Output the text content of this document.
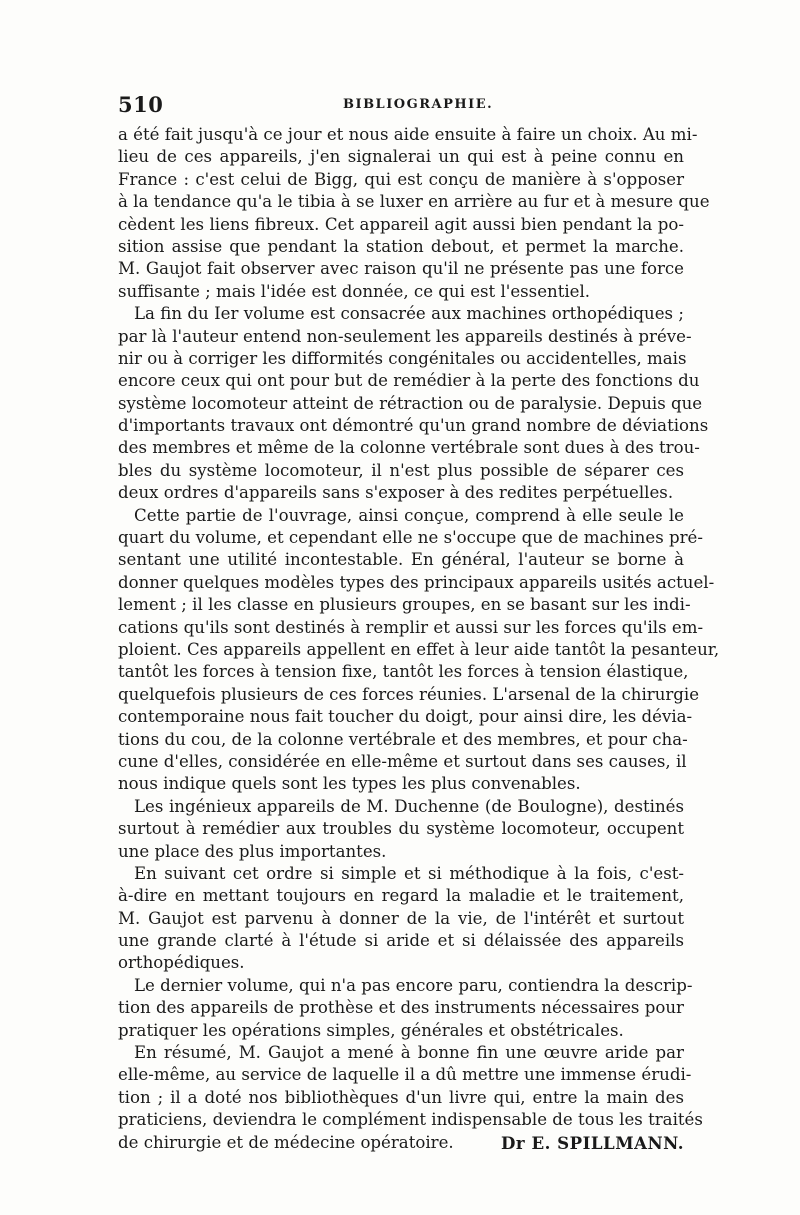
510	BIBLIOGRAPHIE.
a été fait jusqu'à ce jour et nous aide ensuite à faire un choix. Au mi-
lieu de ces appareils, j'en signalerai un qui est à peine connu en
France : c'est celui de Bigg, qui est conçu de manière à s'opposer
à la tendance qu'a le tibia à se luxer en arrière au fur et à mesure que
cèdent les liens fibreux. Cet appareil agit aussi bien pendant la po-
sition assise que pendant la station debout, et permet la marche.
M. Gaujot fait observer avec raison qu'il ne présente pas une force
suffisante ; mais l'idée est donnée, ce qui est l'essentiel.
La fin du Ier volume est consacrée aux machines orthopédiques ;
par là l'auteur entend non-seulement les appareils destinés à préve-
nir ou à corriger les difformités congénitales ou accidentelles, mais
encore ceux qui ont pour but de remédier à la perte des fonctions du
système locomoteur atteint de rétraction ou de paralysie. Depuis que
d'importants travaux ont démontré qu'un grand nombre de déviations
des membres et même de la colonne vertébrale sont dues à des trou-
bles du système locomoteur, il n'est plus possible de séparer ces
deux ordres d'appareils sans s'exposer à des redites perpétuelles.
Cette partie de l'ouvrage, ainsi conçue, comprend à elle seule le
quart du volume, et cependant elle ne s'occupe que de machines pré-
sentant une utilité incontestable. En général, l'auteur se borne à
donner quelques modèles types des principaux appareils usités actuel-
lement ; il les classe en plusieurs groupes, en se basant sur les indi-
cations qu'ils sont destinés à remplir et aussi sur les forces qu'ils em-
ploient. Ces appareils appellent en effet à leur aide tantôt la pesanteur,
tantôt les forces à tension fixe, tantôt les forces à tension élastique,
quelquefois plusieurs de ces forces réunies. L'arsenal de la chirurgie
contemporaine nous fait toucher du doigt, pour ainsi dire, les dévia-
tions du cou, de la colonne vertébrale et des membres, et pour cha-
cune d'elles, considérée en elle-même et surtout dans ses causes, il
nous indique quels sont les types les plus convenables.
Les ingénieux appareils de M. Duchenne (de Boulogne), destinés
surtout à remédier aux troubles du système locomoteur, occupent
une place des plus importantes.
En suivant cet ordre si simple et si méthodique à la fois, c'est-
à-dire en mettant toujours en regard la maladie et le traitement,
M. Gaujot est parvenu à donner de la vie, de l'intérêt et surtout
une grande clarté à l'étude si aride et si délaissée des appareils
orthopédiques.
Le dernier volume, qui n'a pas encore paru, contiendra la descrip-
tion des appareils de prothèse et des instruments nécessaires pour
pratiquer les opérations simples, générales et obstétricales.
En résumé, M. Gaujot a mené à bonne fin une œuvre aride par
elle-même, au service de laquelle il a dû mettre une immense érudi-
tion ; il a doté nos bibliothèques d'un livre qui, entre la main des
praticiens, deviendra le complément indispensable de tous les traités
de chirurgie et de médecine opératoire.	Dr E. SPILLMANN.
